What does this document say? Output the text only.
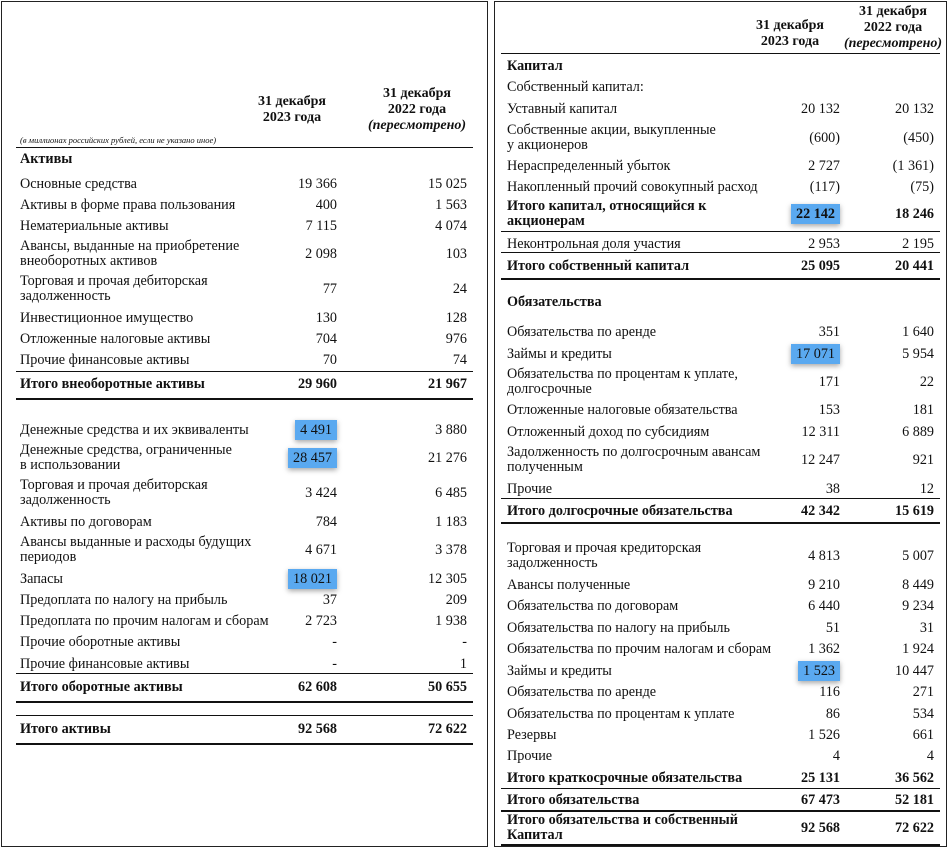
31 декабря
2023 года
31 декабря
2022 года
(пересмотрено)
(в миллионах российских рублей, если не указано иное)
Активы
Основные средства	19 366	15 025
Активы в форме права пользования	400	1 563
Нематериальные активы	7 115	4 074
Авансы, выданные на приобретение
внеоборотных активов	2 098	103
Торговая и прочая дебиторская
задолженность	77	24
Инвестиционное имущество	130	128
Отложенные налоговые активы	704	976
Прочие финансовые активы	70	74
Итого внеоборотные активы	29 960	21 967
Денежные средства и их эквиваленты	4 491	3 880
Денежные средства, ограниченные
в использовании	28 457	21 276
Торговая и прочая дебиторская
задолженность	3 424	6 485
Активы по договорам	784	1 183
Авансы выданные и расходы будущих
периодов	4 671	3 378
Запасы	18 021	12 305
Предоплата по налогу на прибыль	37	209
Предоплата по прочим налогам и сборам	2 723	1 938
Прочие оборотные активы	-	-
Прочие финансовые активы	-	1
Итого оборотные активы	62 608	50 655
Итого активы	92 568	72 622
31 декабря
2023 года
31 декабря
2022 года
(пересмотрено)
Уставный капитал	20 132	20 132
Собственные акции, выкупленные
у акционеров	(600)	(450)
Нераспределенный убыток	2 727	(1 361)
Накопленный прочий совокупный расход	(117)	(75)
Итого капитал, относящийся к
акционерам	22 142	18 246
Неконтрольная доля участия	2 953	2 195
Итого собственный капитал	25 095	20 441
Обязательства по аренде	351	1 640
Займы и кредиты	17 071	5 954
Обязательства по процентам к уплате,
долгосрочные	171	22
Отложенные налоговые обязательства	153	181
Отложенный доход по субсидиям	12 311	6 889
Задолженность по долгосрочным авансам
полученным	12 247	921
Прочие	38	12
Итого долгосрочные обязательства	42 342	15 619
Торговая и прочая кредиторская
задолженность	4 813	5 007
Авансы полученные	9 210	8 449
Обязательства по договорам	6 440	9 234
Обязательства по налогу на прибыль	51	31
Обязательства по прочим налогам и сборам	1 362	1 924
Займы и кредиты	1 523	10 447
Обязательства по аренде	116	271
Обязательства по процентам к уплате	86	534
Резервы	1 526	661
Прочие	4	4
Итого краткосрочные обязательства	25 131	36 562
Итого обязательства	67 473	52 181
Итого обязательства и собственный
Капитал	92 568	72 622
Капитал
Обязательства
Собственный капитал:
